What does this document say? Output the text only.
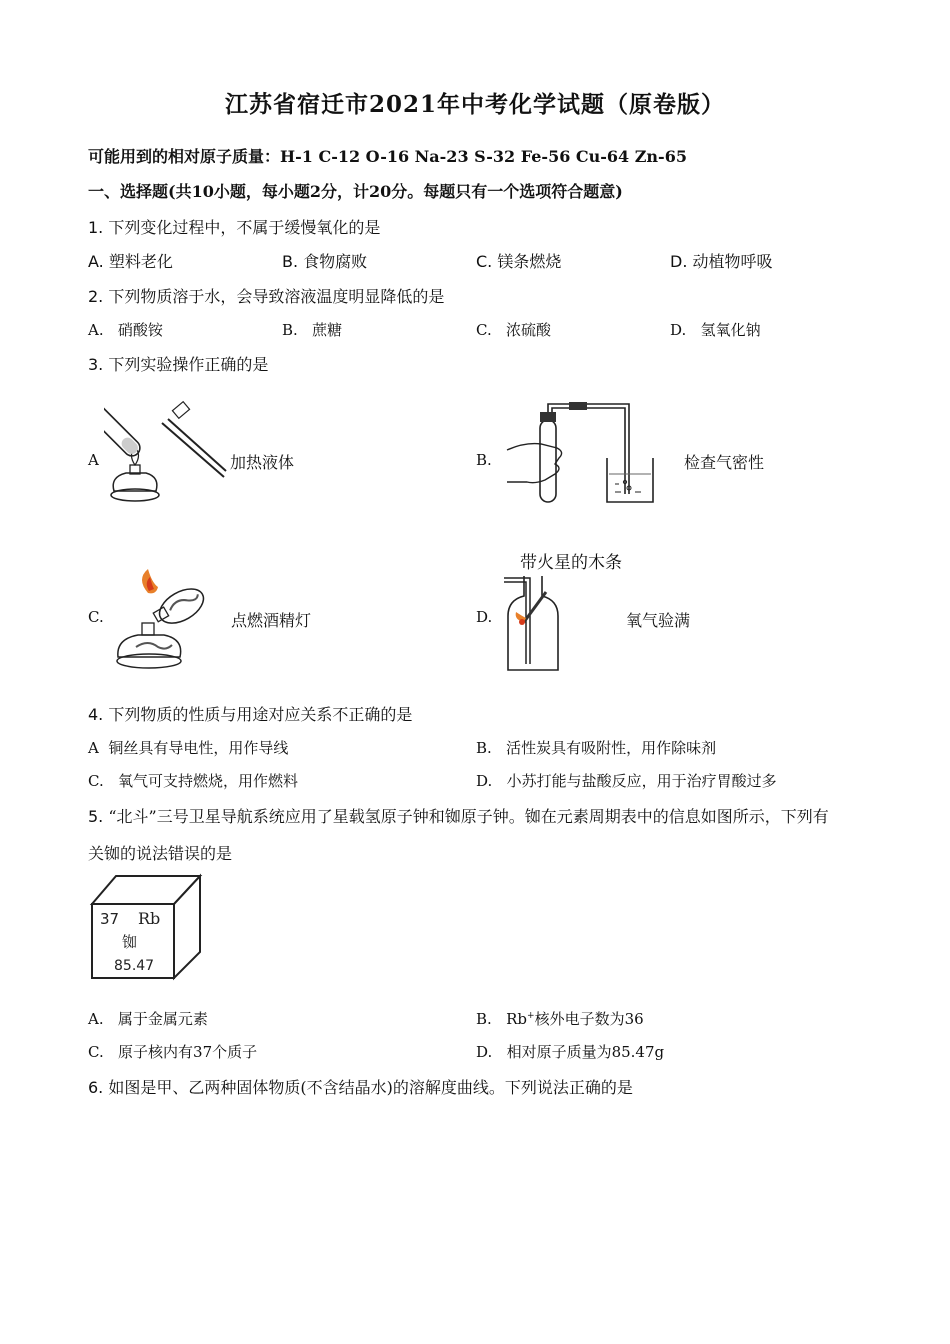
江苏省宿迁市2021年中考化学试题（原卷版）
可能用到的相对原子质量：H-1 C-12 O-16 Na-23 S-32 Fe-56 Cu-64 Zn-65
一、选择题(共10小题，每小题2分，计20分。每题只有一个选项符合题意)
1. 下列变化过程中，不属于缓慢氧化的是
A. 塑料老化	B. 食物腐败	C. 镁条燃烧	D. 动植物呼吸
2. 下列物质溶于水，会导致溶液温度明显降低的是
A. 硝酸铵	B. 蔗糖	C. 浓硫酸	D. 氢氧化钠
3. 下列实验操作正确的是
A	加热液体	B.	检查气密性
C.	点燃酒精灯	D.
带火星的木条
氧气验满
4. 下列物质的性质与用途对应关系不正确的是
A 铜丝具有导电性，用作导线	B. 活性炭具有吸附性，用作除味剂
C. 氧气可支持燃烧，用作燃料	D. 小苏打能与盐酸反应，用于治疗胃酸过多
5. “北斗”三号卫星导航系统应用了星载氢原子钟和铷原子钟。铷在元素周期表中的信息如图所示，下列有
关铷的说法错误的是
37 Rb
铷
85.47
A. 属于金属元素	B. Rb+核外电子数为36
C. 原子核内有37个质子	D. 相对原子质量为85.47g
6. 如图是甲、乙两种固体物质(不含结晶水)的溶解度曲线。下列说法正确的是
